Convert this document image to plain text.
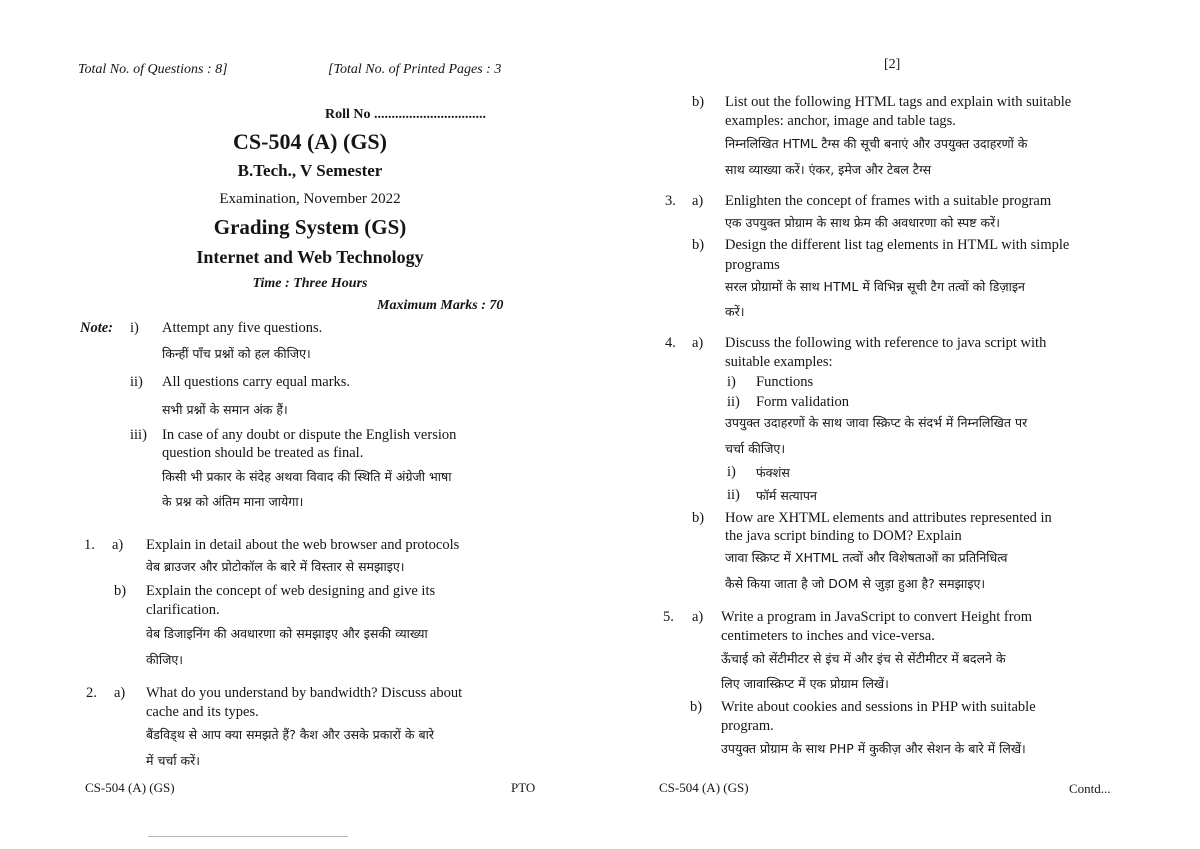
Total No. of Questions : 8]	[Total No. of Printed Pages : 3
Roll No ................................
CS-504 (A) (GS)
B.Tech., V Semester
Examination, November 2022
Grading System (GS)
Internet and Web Technology
Time : Three Hours
Maximum Marks : 70
Note: i) Attempt any five questions.
किन्हीं पाँच प्रश्नों को हल कीजिए।
ii) All questions carry equal marks.
सभी प्रश्नों के समान अंक हैं।
iii) In case of any doubt or dispute the English version
question should be treated as final.
किसी भी प्रकार के संदेह अथवा विवाद की स्थिति में अंग्रेजी भाषा
के प्रश्न को अंतिम माना जायेगा।
1. a) Explain in detail about the web browser and protocols
वेब ब्राउजर और प्रोटोकॉल के बारे में विस्तार से समझाइए।
b) Explain the concept of web designing and give its
clarification.
वेब डिजाइनिंग की अवधारणा को समझाइए और इसकी व्याख्या
कीजिए।
2. a) What do you understand by bandwidth? Discuss about
cache and its types.
बैंडविड्थ से आप क्या समझते हैं? कैश और उसके प्रकारों के बारे
में चर्चा करें।
CS-504 (A) (GS)	PTO
[2]
b) List out the following HTML tags and explain with suitable
examples: anchor, image and table tags.
निम्नलिखित HTML टैग्स की सूची बनाएं और उपयुक्त उदाहरणों के
साथ व्याख्या करें। एंकर, इमेज और टेबल टैग्स
3. a) Enlighten the concept of frames with a suitable program
एक उपयुक्त प्रोग्राम के साथ फ्रेम की अवधारणा को स्पष्ट करें।
b) Design the different list tag elements in HTML with simple
programs
सरल प्रोग्रामों के साथ HTML में विभिन्न सूची टैग तत्वों को डिज़ाइन
करें।
4. a) Discuss the following with reference to java script with
suitable examples:
i) Functions
ii) Form validation
उपयुक्त उदाहरणों के साथ जावा स्क्रिप्ट के संदर्भ में निम्नलिखित पर
चर्चा कीजिए।
i) फंक्शंस
ii) फॉर्म सत्यापन
b) How are XHTML elements and attributes represented in
the java script binding to DOM? Explain
जावा स्क्रिप्ट में XHTML तत्वों और विशेषताओं का प्रतिनिधित्व
कैसे किया जाता है जो DOM से जुड़ा हुआ है? समझाइए।
5. a) Write a program in JavaScript to convert Height from
centimeters to inches and vice-versa.
ऊँचाई को सेंटीमीटर से इंच में और इंच से सेंटीमीटर में बदलने के
लिए जावास्क्रिप्ट में एक प्रोग्राम लिखें।
b) Write about cookies and sessions in PHP with suitable
program.
उपयुक्त प्रोग्राम के साथ PHP में कुकीज़ और सेशन के बारे में लिखें।
CS-504 (A) (GS)	Contd...
